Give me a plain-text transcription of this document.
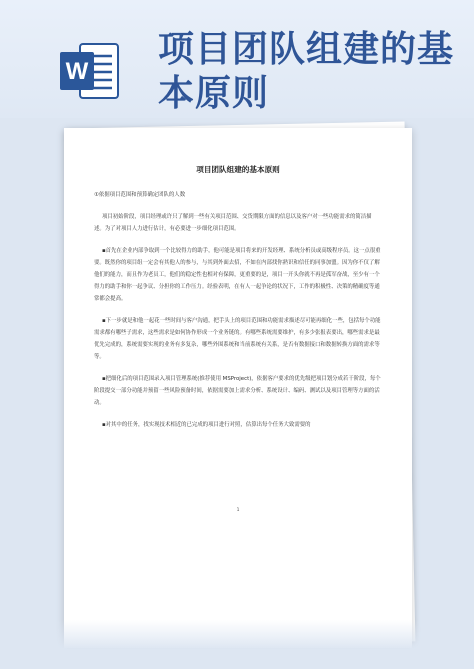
W
项目团队组建的基本原则
项目团队组建的基本原则
①依据项目范围和预算确定团队的人数
项目初始阶段，项目经理或许只了解到一些有关项目范围、交货期限方面的信息以及客户对一些功能需求的简洁描述。为了对项目人力进行估计，有必要进一步细化项目范围。
▪首先在企业内部争取到一个比较得力的助手，他可能是项目将来的开发经理、系统分析员或高级程序员。这一点很重要。既然你的项目组一定会有其他人的参与，与其到外面去招，不如在内部找你熟识和信任的同事加盟。因为你不仅了解他们的能力，而且作为老员工，他们的稳定性也相对有保障，更重要的是，项目一开头你就不再是孤军奋战，至少有一个得力的助手和你一起争议、分担你的工作压力。经验表明，在有人一起争论的状况下，工作的积极性、决策的精确度等通常都会提高。
▪下一步就是和他一起花一些时间与客户沟通，把手头上的项目范围和功能需求描述尽可能再细化一些，包括每个功能需求都有哪些子需求，这些需求是如何协作形成一个业务链的。有哪些系统需要维护，有多少张报表要出，哪些需求是最优先完成的，系统需要实现的业务有多复杂，哪些外围系统和当前系统有关系，是否有数据接口和数据转换方面的需求等等。
▪把细化后的项目范围录入项目管理系统(推荐使用 MSProject)，依据客户要求的优先级把项目划分成若干阶段，每个阶段提交一部分功能并预留一些风险预备时间，依据需要加上需求分析、系统设计、编码、测试以及项目管理等方面的活动。
▪对其中的任务，找实现技术相近的已完成的项目进行对照，估算出每个任务大致需要的
1
